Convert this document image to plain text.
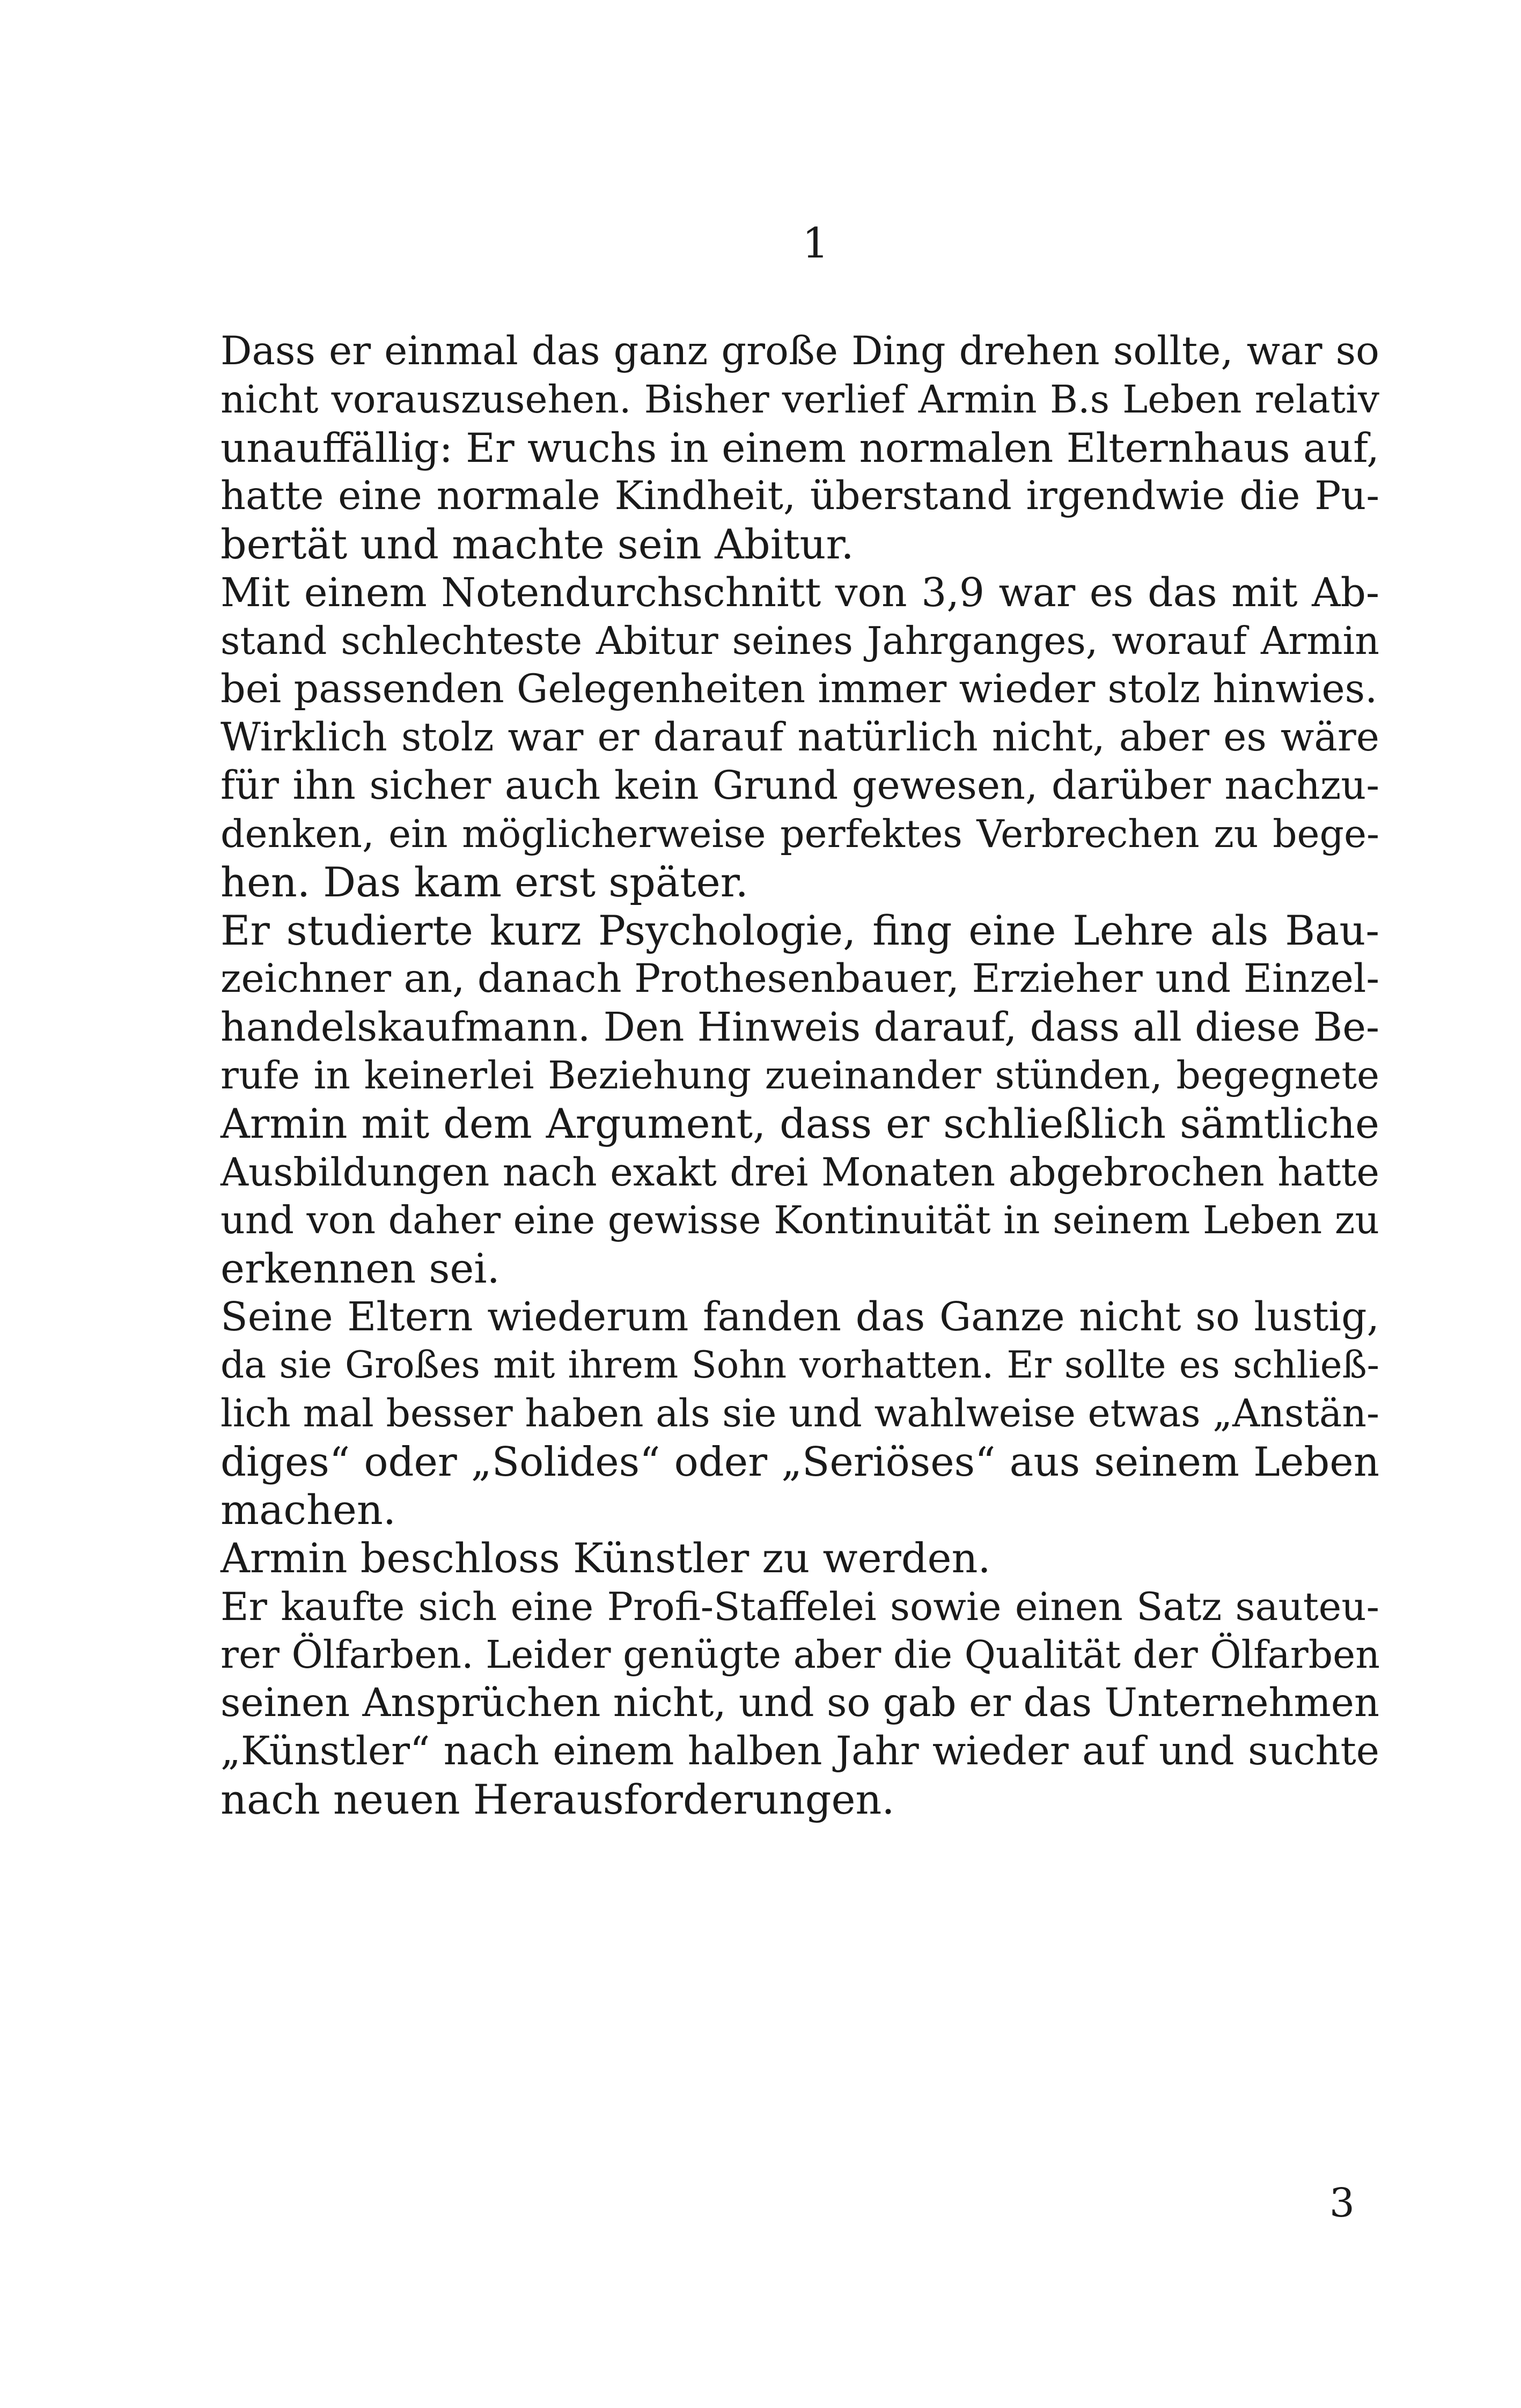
1
Dass er einmal das ganz große Ding drehen sollte, war so
nicht vorauszusehen. Bisher verlief Armin B.s Leben relativ
unauffällig: Er wuchs in einem normalen Elternhaus auf,
hatte eine normale Kindheit, überstand irgendwie die Pu-
bertät und machte sein Abitur.
Mit einem Notendurchschnitt von 3,9 war es das mit Ab-
stand schlechteste Abitur seines Jahrganges, worauf Armin
bei passenden Gelegenheiten immer wieder stolz hinwies.
Wirklich stolz war er darauf natürlich nicht, aber es wäre
für ihn sicher auch kein Grund gewesen, darüber nachzu-
denken, ein möglicherweise perfektes Verbrechen zu bege-
hen. Das kam erst später.
Er studierte kurz Psychologie, fing eine Lehre als Bau-
zeichner an, danach Prothesenbauer, Erzieher und Einzel-
handelskaufmann. Den Hinweis darauf, dass all diese Be-
rufe in keinerlei Beziehung zueinander stünden, begegnete
Armin mit dem Argument, dass er schließlich sämtliche
Ausbildungen nach exakt drei Monaten abgebrochen hatte
und von daher eine gewisse Kontinuität in seinem Leben zu
erkennen sei.
Seine Eltern wiederum fanden das Ganze nicht so lustig,
da sie Großes mit ihrem Sohn vorhatten. Er sollte es schließ-
lich mal besser haben als sie und wahlweise etwas „Anstän-
diges“ oder „Solides“ oder „Seriöses“ aus seinem Leben
machen.
Armin beschloss Künstler zu werden.
Er kaufte sich eine Profi-Staffelei sowie einen Satz sauteu-
rer Ölfarben. Leider genügte aber die Qualität der Ölfarben
seinen Ansprüchen nicht, und so gab er das Unternehmen
„Künstler“ nach einem halben Jahr wieder auf und suchte
nach neuen Herausforderungen.
3
